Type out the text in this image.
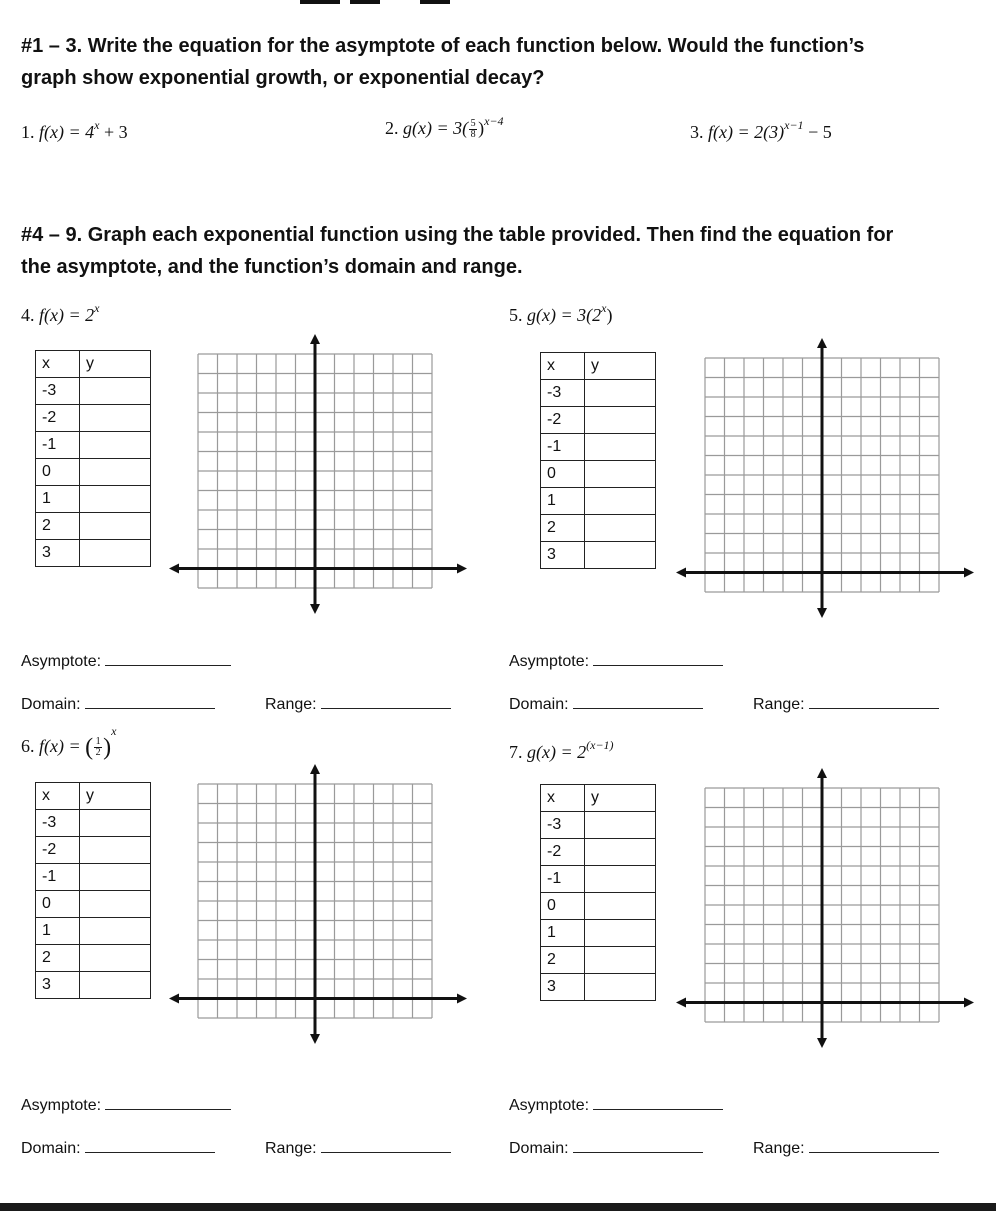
#1 – 3. Write the equation for the asymptote of each function below. Would the function’s
graph show exponential growth, or exponential decay?
1. $f(x) = 4^x + 3$	2. $g(x) = 3( \frac{5}{8} )^{x-4}$
3. $f(x) = 2(3)^{x-1} - 5$
#4 – 9. Graph each exponential function using the table provided. Then find the equation for
the asymptote, and the function’s domain and range.
4. $f(x) = 2^x$	5. $g(x) = 3(2^x)$
6. f(x) = ( $\frac{1}{2} )^x$
7. $g(x) = 2^{(x-1)}$
x	y
-3	
-2	
-1	
0	
1	
2	
3	
x	y
-3	
-2	
-1	
0	
1	
2	
3	
x	y
-3	
-2	
-1	
0	
1	
2	
3	
x	y
-3	
-2	
-1	
0	
1	
2	
3	
Asymptote:
Domain:	Range:
Asymptote:
Domain:	Range:
Asymptote:
Domain:	Range:
Asymptote:
Domain:	Range:
